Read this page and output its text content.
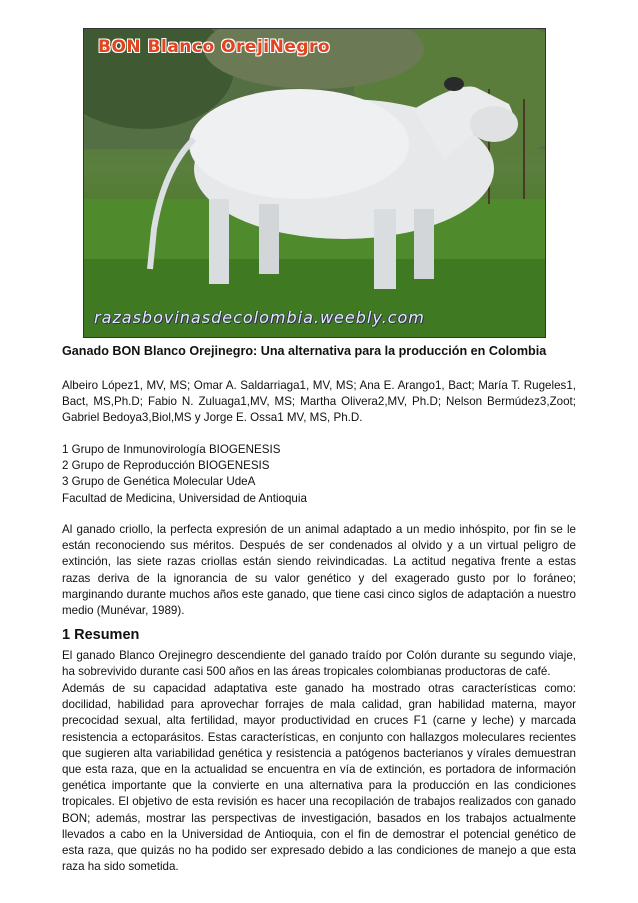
BON Blanco OrejiNegro
razasbovinasdecolombia.weebly.com
Ganado BON Blanco Orejinegro: Una alternativa para la producción en Colombia
Albeiro López1, MV, MS; Omar A. Saldarriaga1, MV, MS; Ana E. Arango1, Bact; María T. Rugeles1, Bact, MS,Ph.D; Fabio N. Zuluaga1,MV, MS; Martha Olivera2,MV, Ph.D; Nelson Bermúdez3,Zoot; Gabriel Bedoya3,Biol,MS y Jorge E. Ossa1 MV, MS, Ph.D.
1 Grupo de Inmunovirología BIOGENESIS
2 Grupo de Reproducción BIOGENESIS
3 Grupo de Genética Molecular UdeA
Facultad de Medicina, Universidad de Antioquia
Al ganado criollo, la perfecta expresión de un animal adaptado a un medio inhóspito, por fin se le están reconociendo sus méritos. Después de ser condenados al olvido y a un virtual peligro de extinción, las siete razas criollas están siendo reivindicadas. La actitud negativa frente a estas razas deriva de la ignorancia de su valor genético y del exagerado gusto por lo foráneo; marginando durante muchos años este ganado, que tiene casi cinco siglos de adaptación a nuestro medio (Munévar, 1989).
1 Resumen
El ganado Blanco Orejinegro descendiente del ganado traído por Colón durante su segundo viaje, ha sobrevivido durante casi 500 años en las áreas tropicales colombianas productoras de café.
Además de su capacidad adaptativa este ganado ha mostrado otras características como: docilidad, habilidad para aprovechar forrajes de mala calidad, gran habilidad materna, mayor precocidad sexual, alta fertilidad, mayor productividad en cruces F1 (carne y leche) y marcada resistencia a ectoparásitos. Estas características, en conjunto con hallazgos moleculares recientes que sugieren alta variabilidad genética y resistencia a patógenos bacterianos y vírales demuestran que esta raza, que en la actualidad se encuentra en vía de extinción, es portadora de información genética importante que la convierte en una alternativa para la producción en las condiciones tropicales. El objetivo de esta revisión es hacer una recopilación de trabajos realizados con ganado BON; además, mostrar las perspectivas de investigación, basados en los trabajos actualmente llevados a cabo en la Universidad de Antioquia, con el fin de demostrar el potencial genético de esta raza, que quizás no ha podido ser expresado debido a las condiciones de manejo a que esta raza ha sido sometida.
